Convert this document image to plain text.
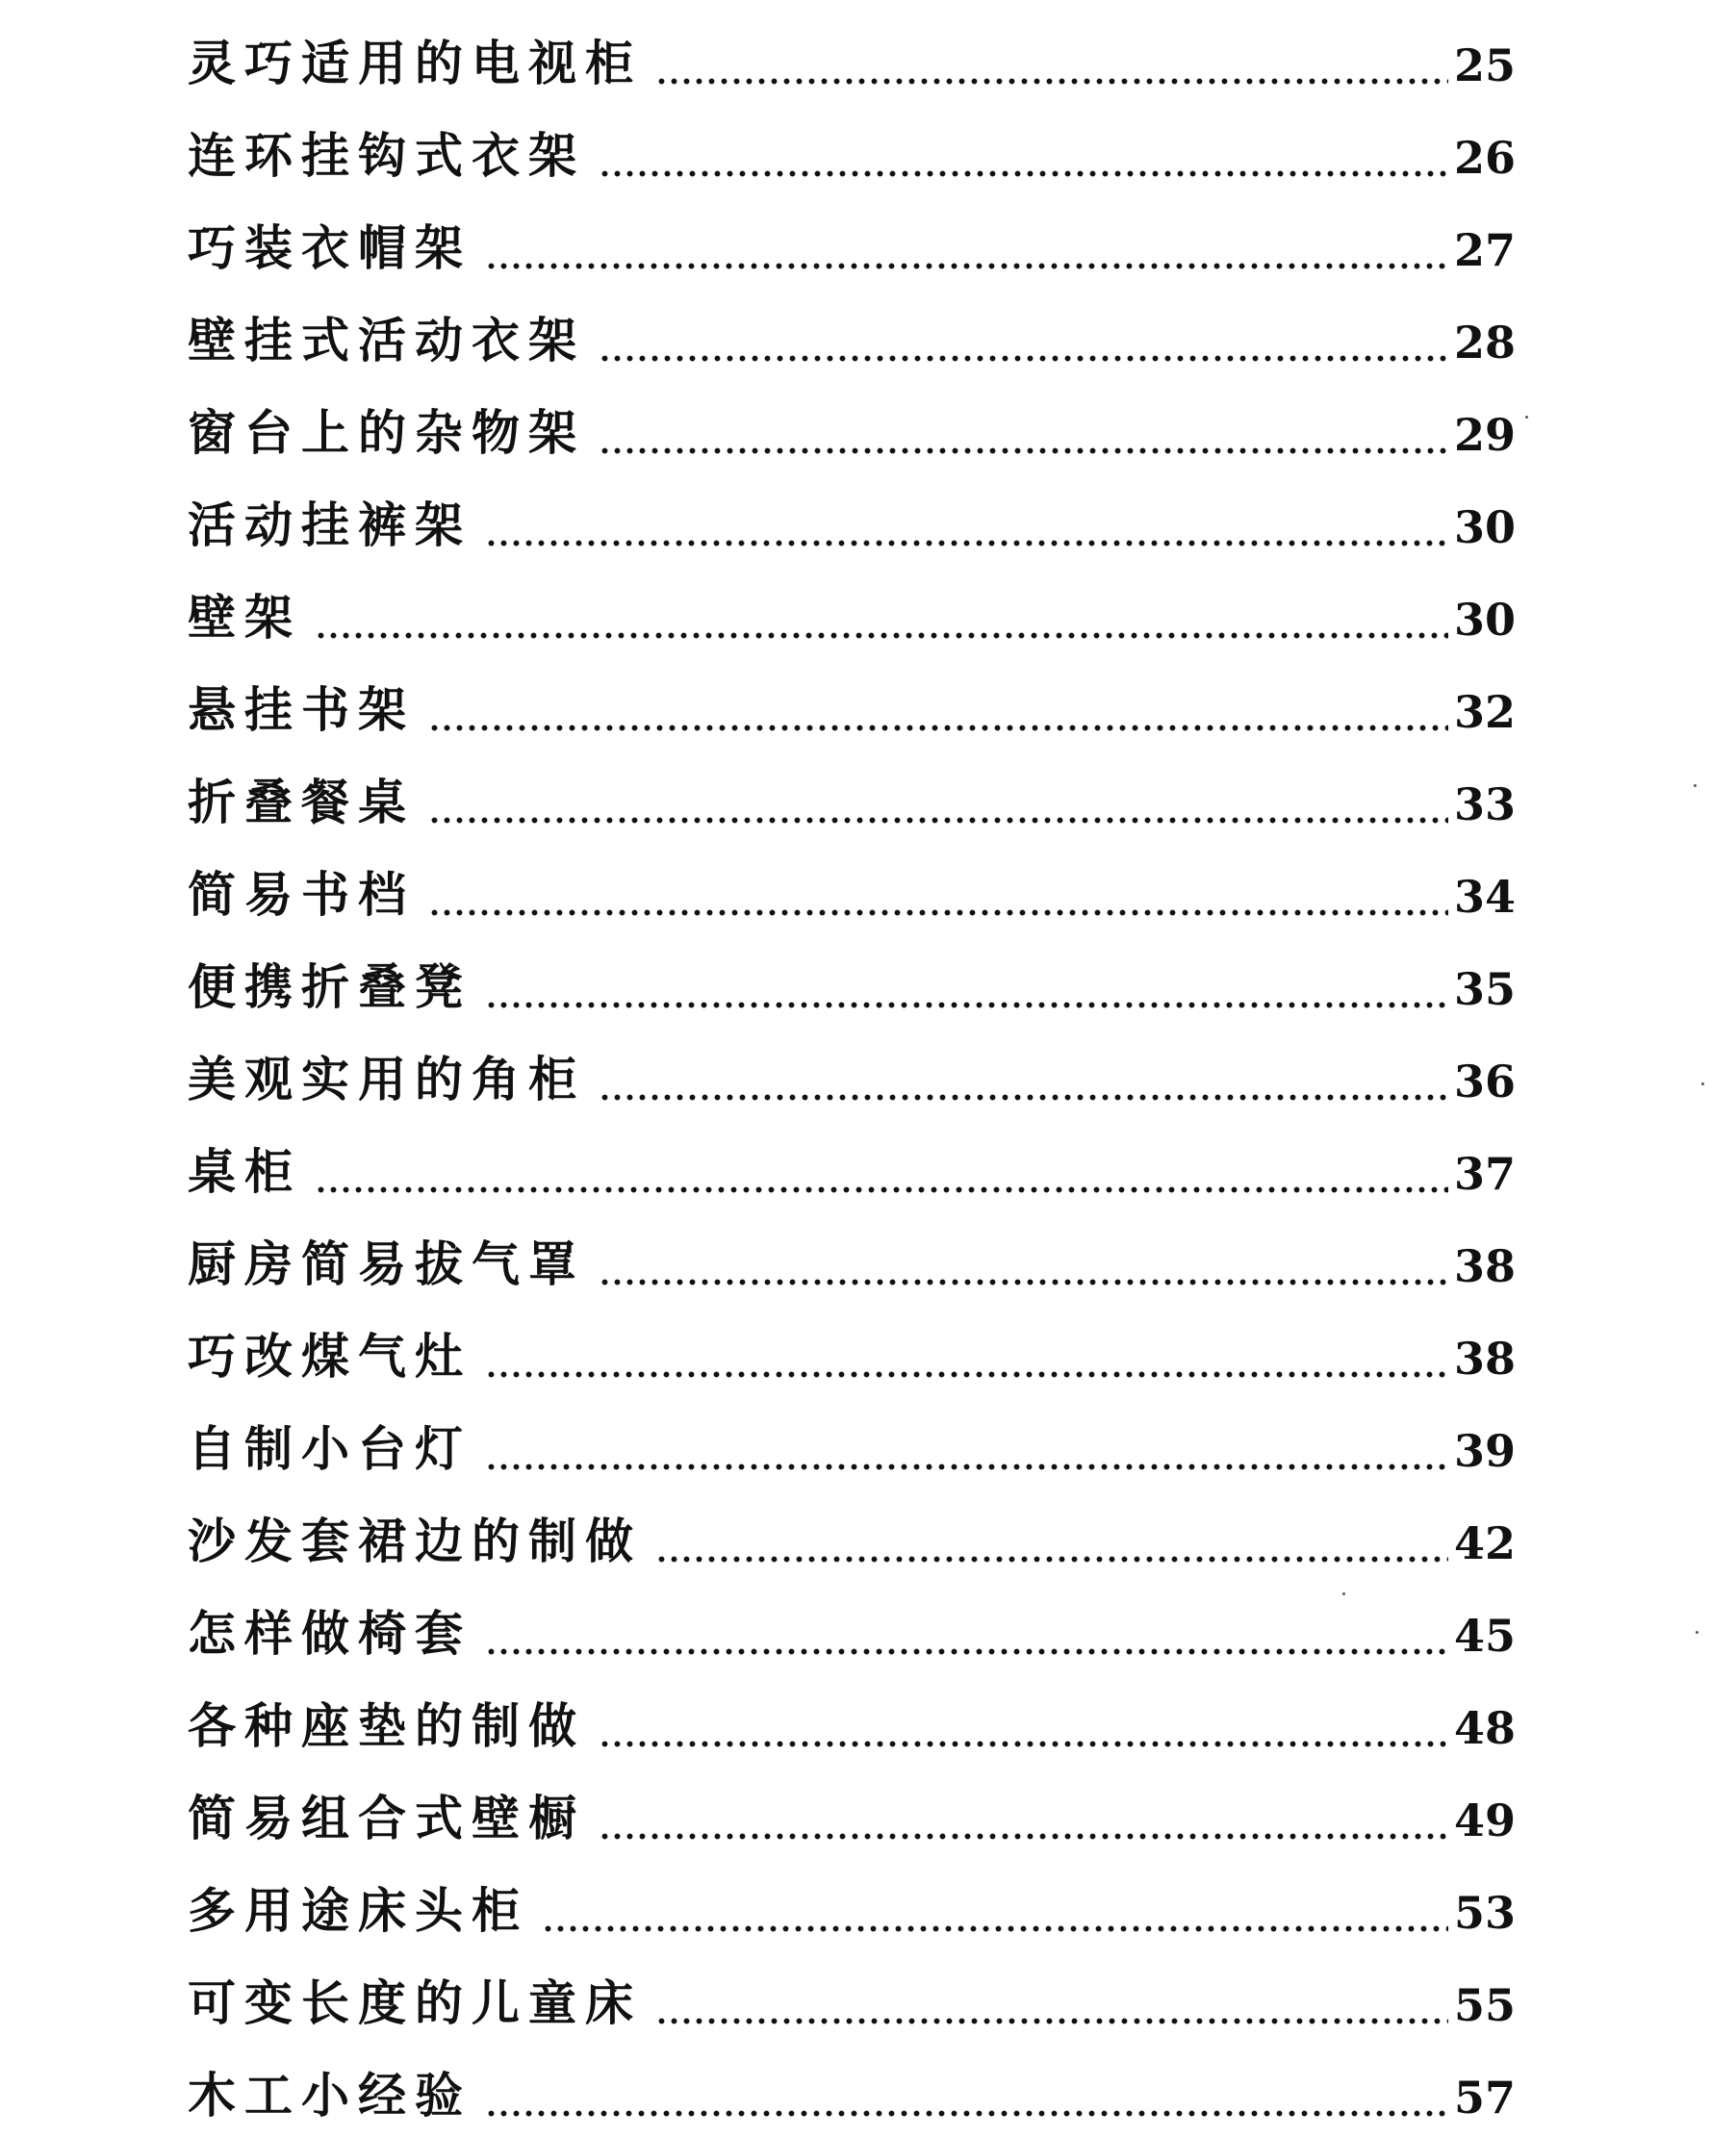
灵巧适用的电视柜	25
连环挂钩式衣架	26
巧装衣帽架	27
壁挂式活动衣架	28
窗台上的杂物架	29
活动挂裤架	30
壁架	30
悬挂书架	32
折叠餐桌	33
简易书档	34
便携折叠凳	35
美观实用的角柜	36
桌柜	37
厨房简易拔气罩	38
巧改煤气灶	38
自制小台灯	39
沙发套裙边的制做	42
怎样做椅套	45
各种座垫的制做	48
简易组合式壁橱	49
多用途床头柜	53
可变长度的儿童床	55
木工小经验	57
